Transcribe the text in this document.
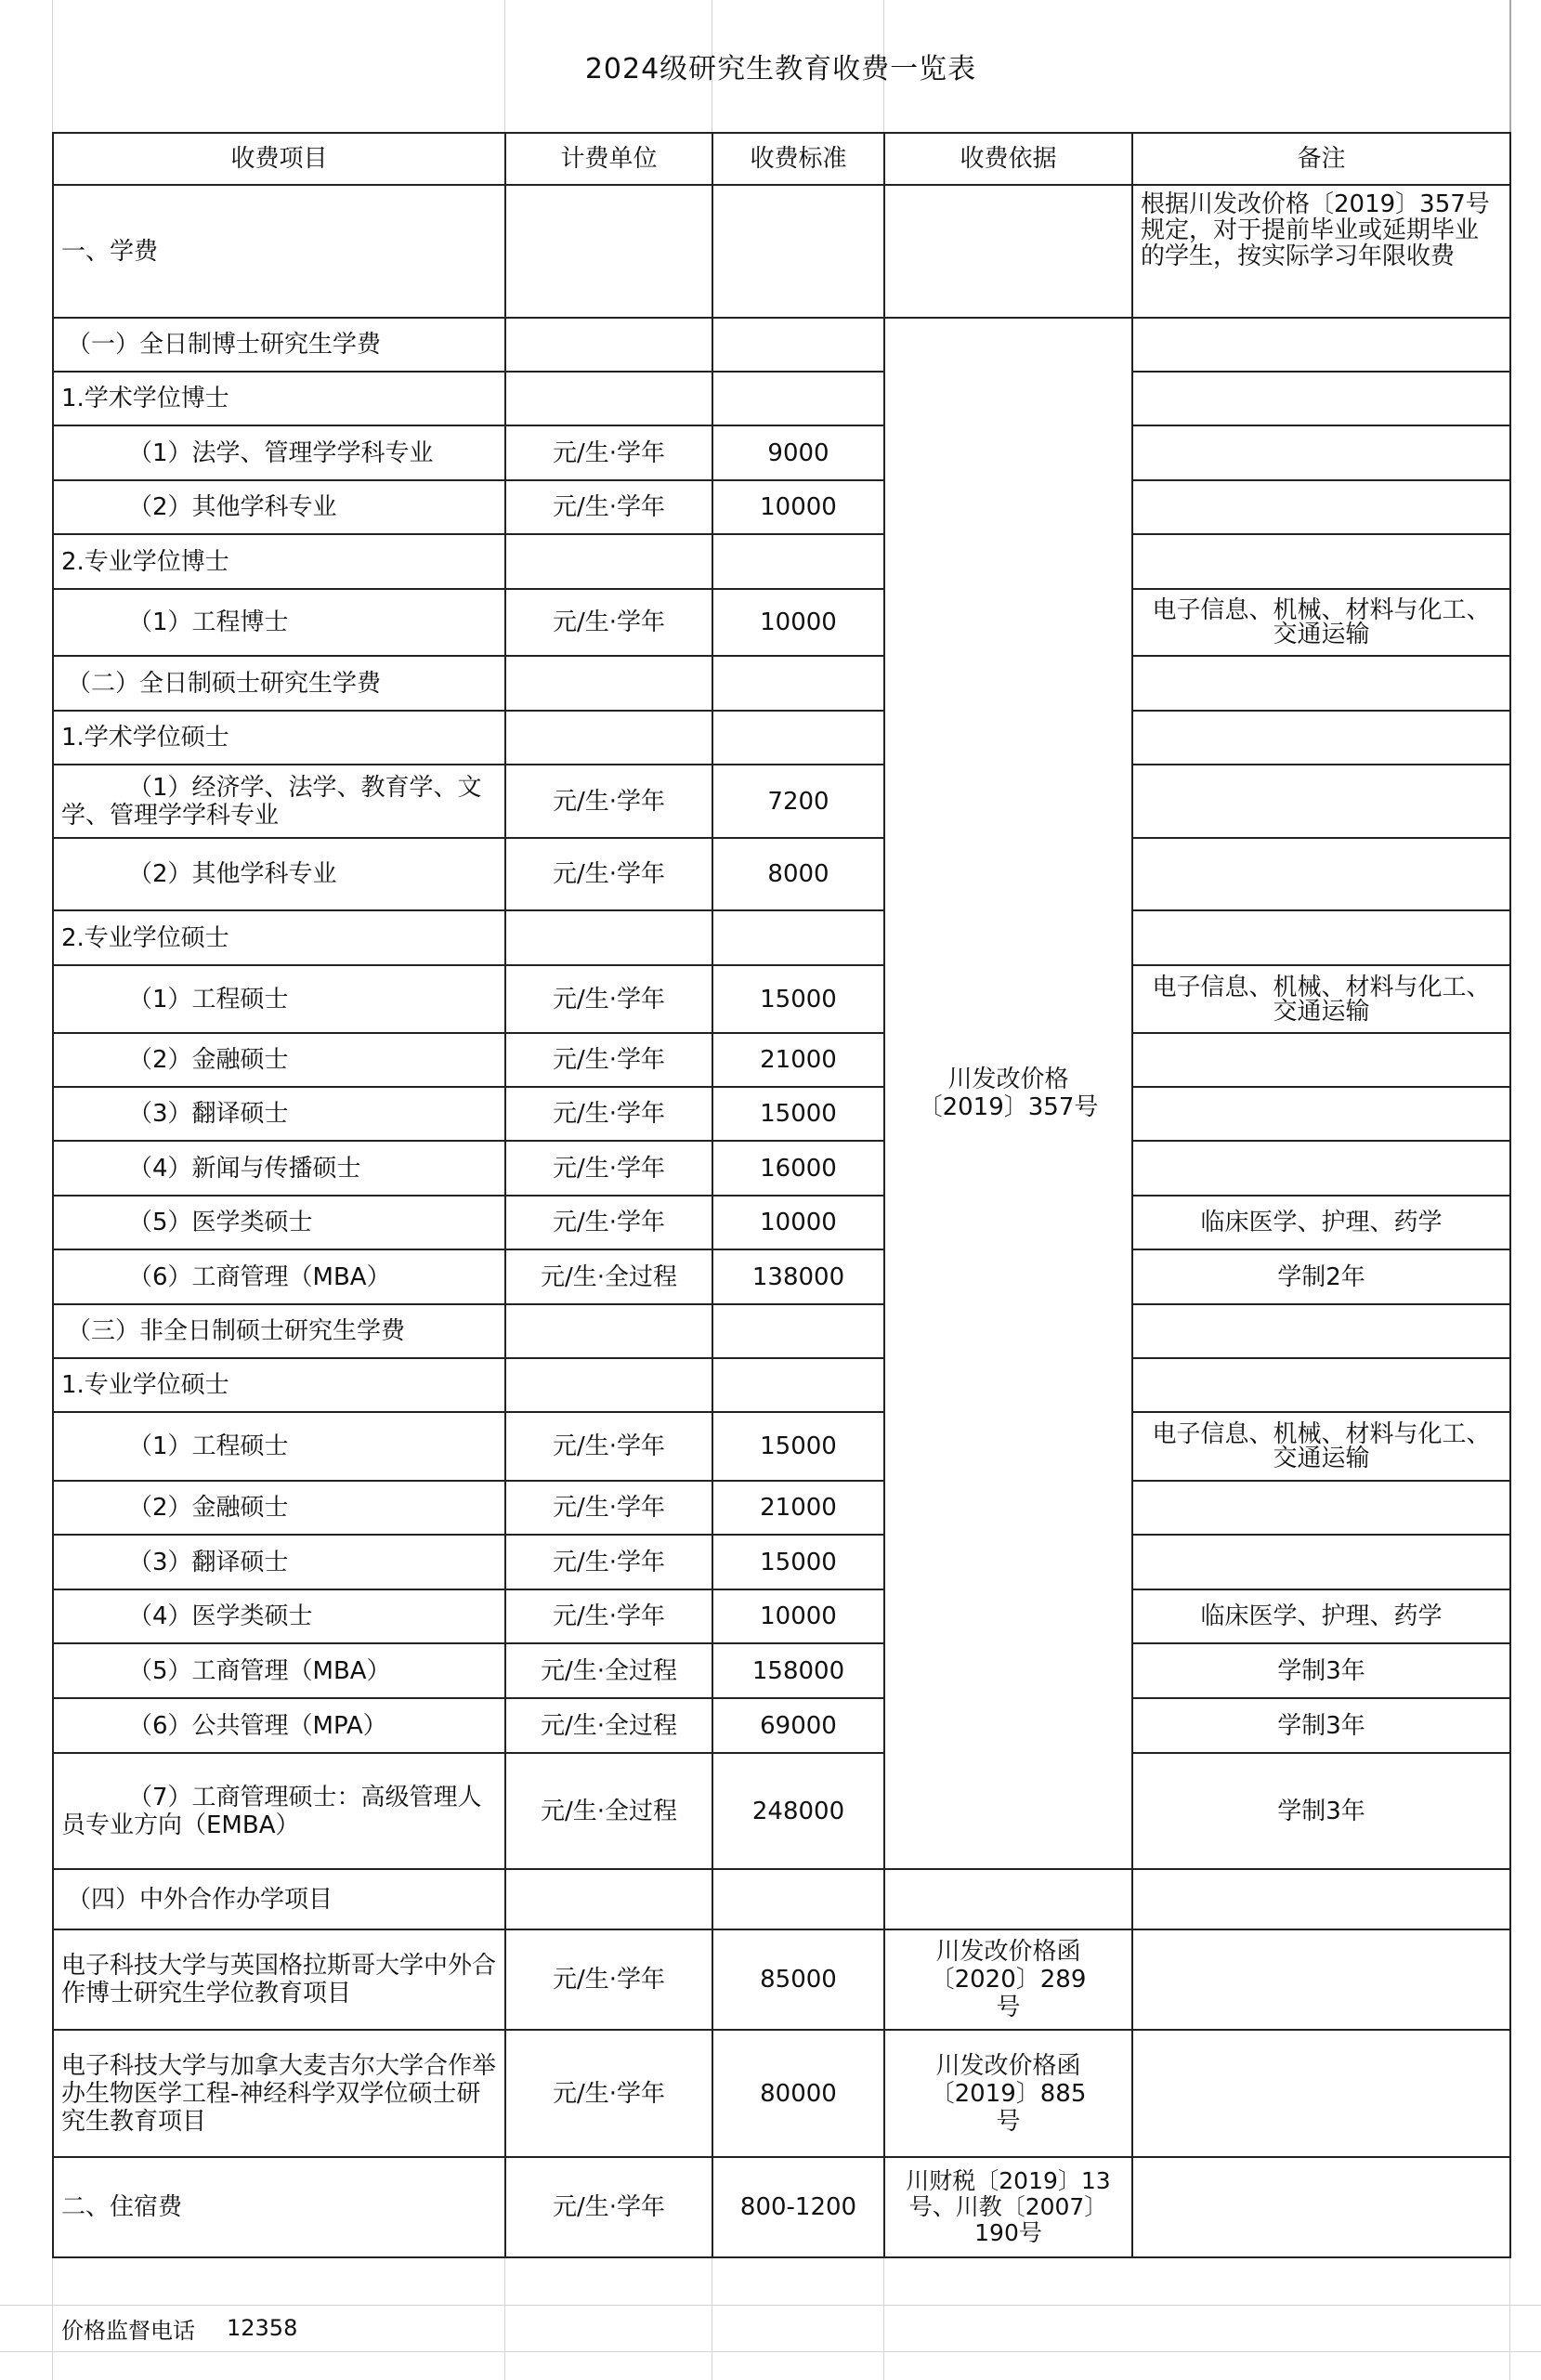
2024级研究生教育收费一览表
收费项目	计费单位	收费标准	收费依据	备注
一、学费				根据川发改价格〔2019〕357号规定，对于提前毕业或延期毕业的学生，按实际学习年限收费
（一）全日制博士研究生学费			川发改价格〔2019〕357号	
1.学术学位博士				
（1）法学、管理学学科专业	元/生·学年	9000		
（2）其他学科专业	元/生·学年	10000		
2.专业学位博士				
（1）工程博士	元/生·学年	10000		电子信息、机械、材料与化工、交通运输
（二）全日制硕士研究生学费				
1.学术学位硕士				
（1）经济学、法学、教育学、文学、管理学学科专业	元/生·学年	7200		
（2）其他学科专业	元/生·学年	8000		
2.专业学位硕士				
（1）工程硕士	元/生·学年	15000		电子信息、机械、材料与化工、交通运输
（2）金融硕士	元/生·学年	21000		
（3）翻译硕士	元/生·学年	15000		
（4）新闻与传播硕士	元/生·学年	16000		
（5）医学类硕士	元/生·学年	10000		临床医学、护理、药学
（6）工商管理（MBA）	元/生·全过程	138000		学制2年
（三）非全日制硕士研究生学费				
1.专业学位硕士				
（1）工程硕士	元/生·学年	15000		电子信息、机械、材料与化工、交通运输
（2）金融硕士	元/生·学年	21000		
（3）翻译硕士	元/生·学年	15000		
（4）医学类硕士	元/生·学年	10000		临床医学、护理、药学
（5）工商管理（MBA）	元/生·全过程	158000		学制3年
（6）公共管理（MPA）	元/生·全过程	69000		学制3年
（7）工商管理硕士：高级管理人员专业方向（EMBA）	元/生·全过程	248000		学制3年
（四）中外合作办学项目				
电子科技大学与英国格拉斯哥大学中外合作博士研究生学位教育项目	元/生·学年	85000	川发改价格函〔2020〕289号	
电子科技大学与加拿大麦吉尔大学合作举办生物医学工程-神经科学双学位硕士研究生教育项目	元/生·学年	80000	川发改价格函〔2019〕885号	
二、住宿费	元/生·学年	800-1200	川财税〔2019〕13号、川教〔2007〕190号	
价格监督电话 12358
